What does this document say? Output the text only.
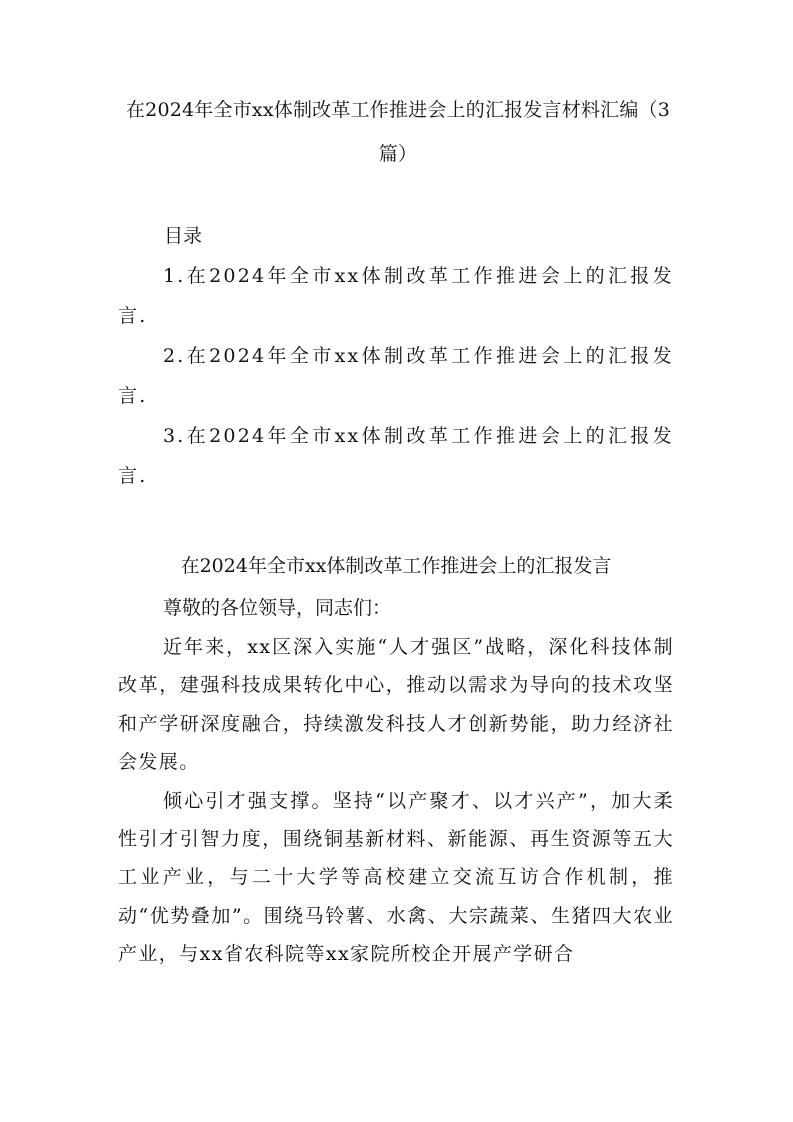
在2024年全市xx体制改革工作推进会上的汇报发言材料汇编（3篇）
目录
1.在2024年全市xx体制改革工作推进会上的汇报发言.
2.在2024年全市xx体制改革工作推进会上的汇报发言.
3.在2024年全市xx体制改革工作推进会上的汇报发言.
在2024年全市xx体制改革工作推进会上的汇报发言

尊敬的各位领导，同志们：

近年来，xx区深入实施“人才强区”战略，深化科技体制改革，建强科技成果转化中心，推动以需求为导向的技术攻坚和产学研深度融合，持续激发科技人才创新势能，助力经济社会发展。

倾心引才强支撑。坚持“以产聚才、以才兴产”，加大柔性引才引智力度，围绕铜基新材料、新能源、再生资源等五大工业产业，与二十大学等高校建立交流互访合作机制，推动“优势叠加”。围绕马铃薯、水禽、大宗蔬菜、生猪四大农业产业，与xx省农科院等xx家院所校企开展产学研合
